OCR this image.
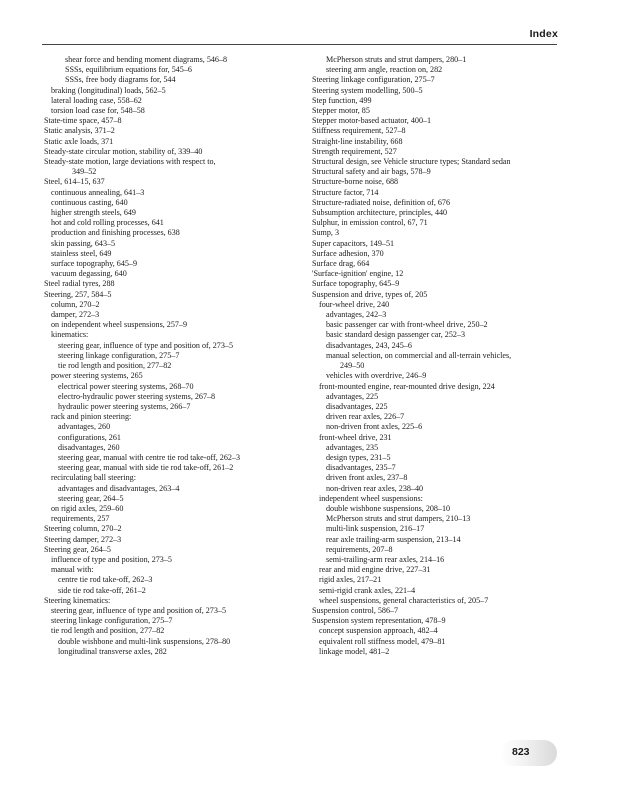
Index
shear force and bending moment diagrams, 546–8
SSSs, equilibrium equations for, 545–6
SSSs, free body diagrams for, 544
braking (longitudinal) loads, 562–5
lateral loading case, 558–62
torsion load case for, 548–58
State-time space, 457–8
Static analysis, 371–2
Static axle loads, 371
Steady-state circular motion, stability of, 339–40
Steady-state motion, large deviations with respect to,
349–52
Steel, 614–15, 637
continuous annealing, 641–3
continuous casting, 640
higher strength steels, 649
hot and cold rolling processes, 641
production and finishing processes, 638
skin passing, 643–5
stainless steel, 649
surface topography, 645–9
vacuum degassing, 640
Steel radial tyres, 288
Steering, 257, 584–5
column, 270–2
damper, 272–3
on independent wheel suspensions, 257–9
kinematics:
steering gear, influence of type and position of, 273–5
steering linkage configuration, 275–7
tie rod length and position, 277–82
power steering systems, 265
electrical power steering systems, 268–70
electro-hydraulic power steering systems, 267–8
hydraulic power steering systems, 266–7
rack and pinion steering:
advantages, 260
configurations, 261
disadvantages, 260
steering gear, manual with centre tie rod take-off, 262–3
steering gear, manual with side tie rod take-off, 261–2
recirculating ball steering:
advantages and disadvantages, 263–4
steering gear, 264–5
on rigid axles, 259–60
requirements, 257
Steering column, 270–2
Steering damper, 272–3
Steering gear, 264–5
influence of type and position, 273–5
manual with:
centre tie rod take-off, 262–3
side tie rod take-off, 261–2
Steering kinematics:
steering gear, influence of type and position of, 273–5
steering linkage configuration, 275–7
tie rod length and position, 277–82
double wishbone and multi-link suspensions, 278–80
longitudinal transverse axles, 282
McPherson struts and strut dampers, 280–1
steering arm angle, reaction on, 282
Steering linkage configuration, 275–7
Steering system modelling, 500–5
Step function, 499
Stepper motor, 85
Stepper motor-based actuator, 400–1
Stiffness requirement, 527–8
Straight-line instability, 668
Strength requirement, 527
Structural design, see Vehicle structure types; Standard sedan
Structural safety and air bags, 578–9
Structure-borne noise, 688
Structure factor, 714
Structure-radiated noise, definition of, 676
Subsumption architecture, principles, 440
Sulphur, in emission control, 67, 71
Sump, 3
Super capacitors, 149–51
Surface adhesion, 370
Surface drag, 664
'Surface-ignition' engine, 12
Surface topography, 645–9
Suspension and drive, types of, 205
four-wheel drive, 240
advantages, 242–3
basic passenger car with front-wheel drive, 250–2
basic standard design passenger car, 252–3
disadvantages, 243, 245–6
manual selection, on commercial and all-terrain vehicles,
249–50
vehicles with overdrive, 246–9
front-mounted engine, rear-mounted drive design, 224
advantages, 225
disadvantages, 225
driven rear axles, 226–7
non-driven front axles, 225–6
front-wheel drive, 231
advantages, 235
design types, 231–5
disadvantages, 235–7
driven front axles, 237–8
non-driven rear axles, 238–40
independent wheel suspensions:
double wishbone suspensions, 208–10
McPherson struts and strut dampers, 210–13
multi-link suspension, 216–17
rear axle trailing-arm suspension, 213–14
requirements, 207–8
semi-trailing-arm rear axles, 214–16
rear and mid engine drive, 227–31
rigid axles, 217–21
semi-rigid crank axles, 221–4
wheel suspensions, general characteristics of, 205–7
Suspension control, 586–7
Suspension system representation, 478–9
concept suspension approach, 482–4
equivalent roll stiffness model, 479–81
linkage model, 481–2
823
